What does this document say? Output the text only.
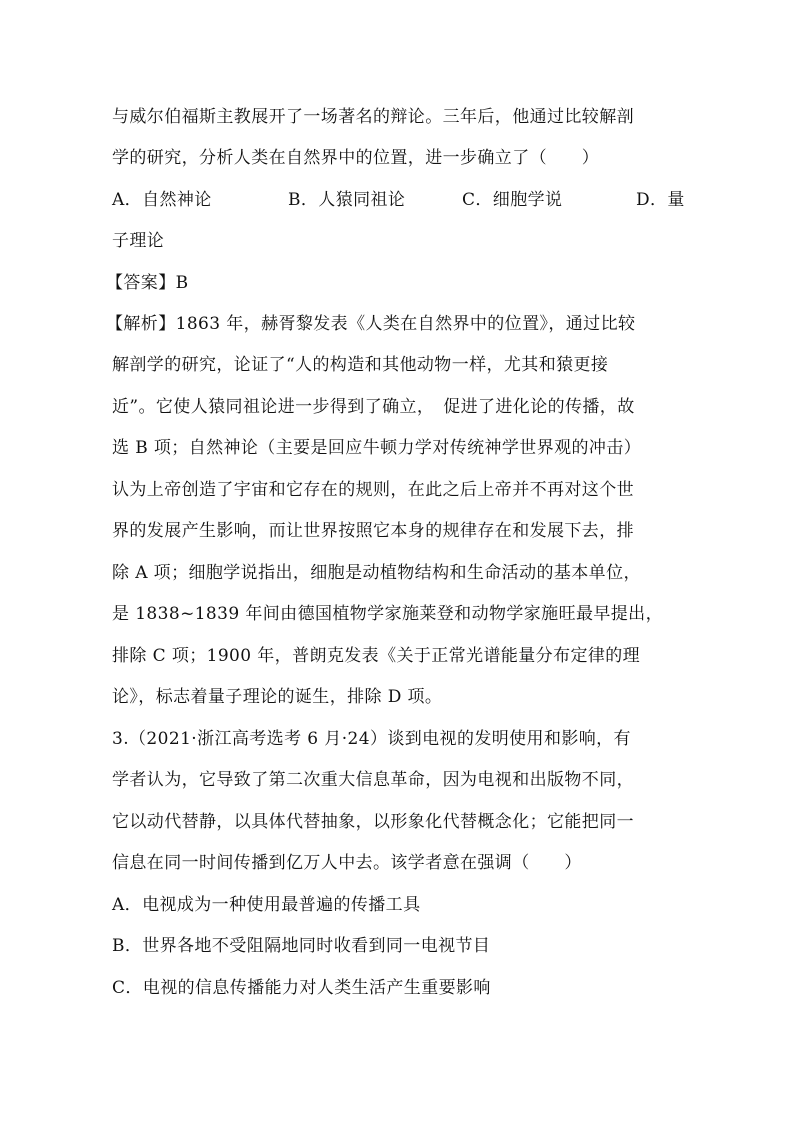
与威尔伯福斯主教展开了一场著名的辩论。三年后，他通过比较解剖
学的研究，分析人类在自然界中的位置，进一步确立了（　　）
A．自然神论	B．人猿同祖论	C．细胞学说	D．量
子理论
【答案】B
【解析】1863 年，赫胥黎发表《人类在自然界中的位置》，通过比较
解剖学的研究，论证了“人的构造和其他动物一样，尤其和猿更接
近”。它使人猿同祖论进一步得到了确立，　促进了进化论的传播，故
选 B 项；自然神论（主要是回应牛顿力学对传统神学世界观的冲击）
认为上帝创造了宇宙和它存在的规则，在此之后上帝并不再对这个世
界的发展产生影响，而让世界按照它本身的规律存在和发展下去，排
除 A 项；细胞学说指出，细胞是动植物结构和生命活动的基本单位，
是 1838~1839 年间由德国植物学家施莱登和动物学家施旺最早提出，
排除 C 项；1900 年，普朗克发表《关于正常光谱能量分布定律的理
论》，标志着量子理论的诞生，排除 D 项。
3.（2021·浙江高考选考 6 月·24）谈到电视的发明使用和影响，有
学者认为，它导致了第二次重大信息革命，因为电视和出版物不同，
它以动代替静，以具体代替抽象，以形象化代替概念化；它能把同一
信息在同一时间传播到亿万人中去。该学者意在强调（　　）
A．电视成为一种使用最普遍的传播工具
B．世界各地不受阻隔地同时收看到同一电视节目
C．电视的信息传播能力对人类生活产生重要影响
